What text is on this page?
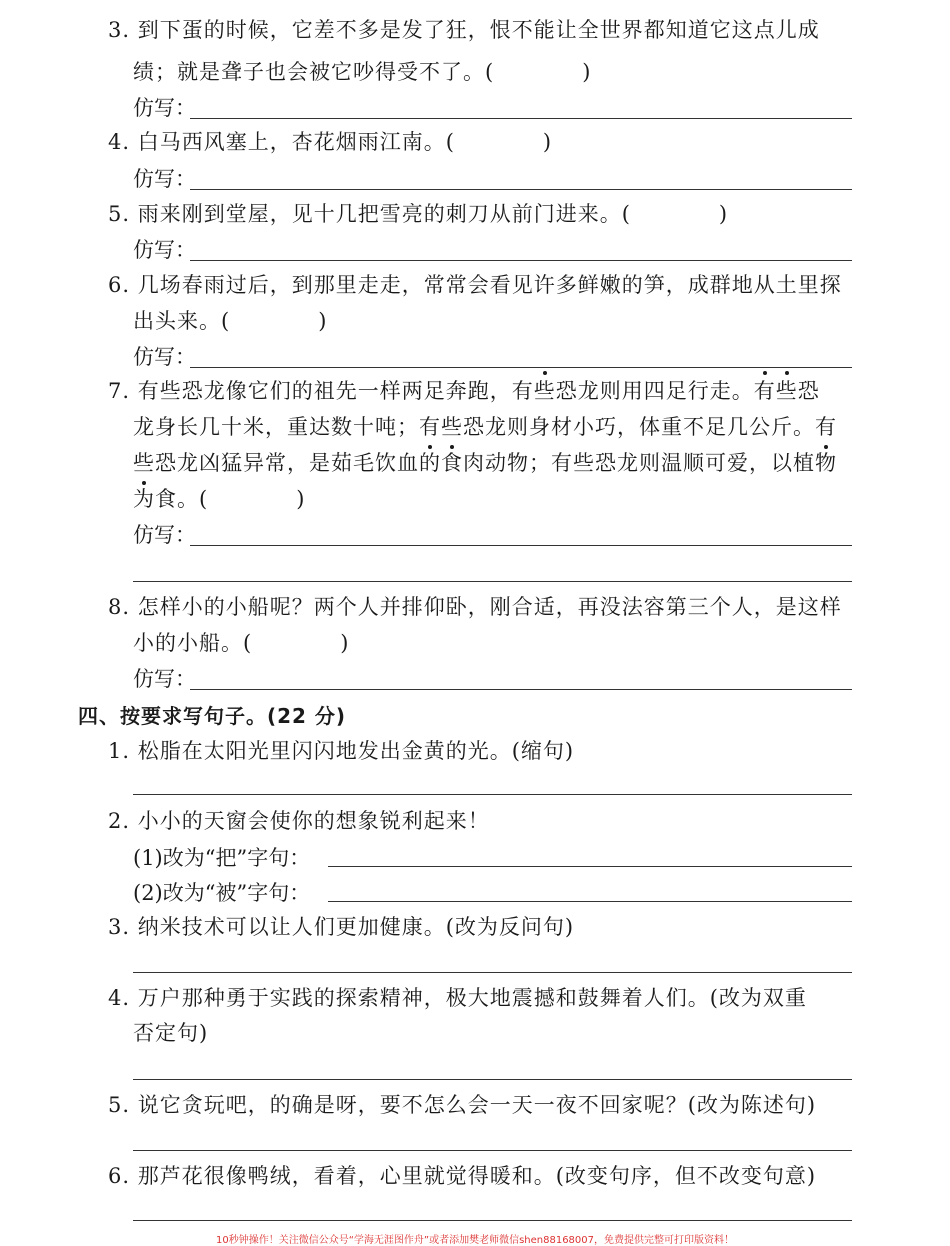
3. 到下蛋的时候，它差不多是发了狂，恨不能让全世界都知道它这点儿成
绩；就是聋子也会被它吵得受不了。(　　　　)
仿写：
4. 白马西风塞上，杏花烟雨江南。(　　　　)
仿写：
5. 雨来刚到堂屋，见十几把雪亮的刺刀从前门进来。(　　　　)
仿写：
6. 几场春雨过后，到那里走走，常常会看见许多鲜嫩的笋，成群地从土里探
出头来。(　　　　)
仿写：
7. 有些恐龙像它们的祖先一样两足奔跑，有些恐龙则用四足行走。有些恐
龙身长几十米，重达数十吨；有些恐龙则身材小巧，体重不足几公斤。有
些恐龙凶猛异常，是茹毛饮血的食肉动物；有些恐龙则温顺可爱，以植物
为食。(　　　　)
仿写：
8. 怎样小的小船呢？两个人并排仰卧，刚合适，再没法容第三个人，是这样
小的小船。(　　　　)
仿写：
四、按要求写句子。(22 分)
1. 松脂在太阳光里闪闪地发出金黄的光。(缩句)
2. 小小的天窗会使你的想象锐利起来！
(1)改为“把”字句：
(2)改为“被”字句：
3. 纳米技术可以让人们更加健康。(改为反问句)
4. 万户那种勇于实践的探索精神，极大地震撼和鼓舞着人们。(改为双重
否定句)
5. 说它贪玩吧，的确是呀，要不怎么会一天一夜不回家呢？(改为陈述句)
6. 那芦花很像鸭绒，看着，心里就觉得暖和。(改变句序，但不改变句意)
10秒钟操作！关注微信公众号“学海无涯图作舟”或者添加樊老师微信shen88168007，免费提供完整可打印版资料！
